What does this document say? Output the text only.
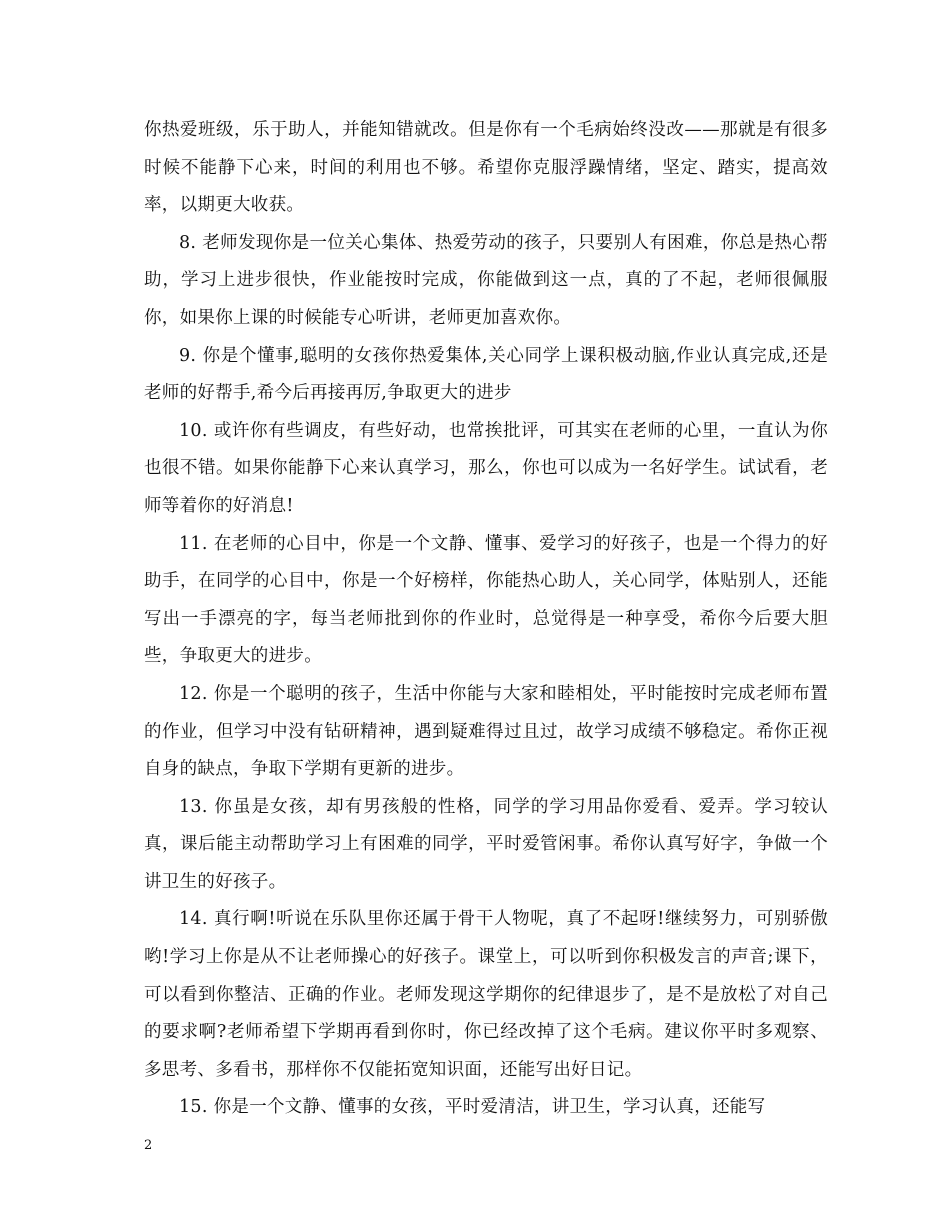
你热爱班级，乐于助人，并能知错就改。但是你有一个毛病始终没改——那就是有很多时候不能静下心来，时间的利用也不够。希望你克服浮躁情绪，坚定、踏实，提高效率，以期更大收获。

8. 老师发现你是一位关心集体、热爱劳动的孩子，只要别人有困难，你总是热心帮助，学习上进步很快，作业能按时完成，你能做到这一点，真的了不起，老师很佩服你，如果你上课的时候能专心听讲，老师更加喜欢你。

9. 你是个懂事,聪明的女孩你热爱集体,关心同学上课积极动脑,作业认真完成,还是老师的好帮手,希今后再接再厉,争取更大的进步

10. 或许你有些调皮，有些好动，也常挨批评，可其实在老师的心里，一直认为你也很不错。如果你能静下心来认真学习，那么，你也可以成为一名好学生。试试看，老师等着你的好消息!

11. 在老师的心目中，你是一个文静、懂事、爱学习的好孩子，也是一个得力的好助手，在同学的心目中，你是一个好榜样，你能热心助人，关心同学，体贴别人，还能写出一手漂亮的字，每当老师批到你的作业时，总觉得是一种享受，希你今后要大胆些，争取更大的进步。

12. 你是一个聪明的孩子，生活中你能与大家和睦相处，平时能按时完成老师布置的作业，但学习中没有钻研精神，遇到疑难得过且过，故学习成绩不够稳定。希你正视自身的缺点，争取下学期有更新的进步。

13. 你虽是女孩，却有男孩般的性格，同学的学习用品你爱看、爱弄。学习较认真，课后能主动帮助学习上有困难的同学，平时爱管闲事。希你认真写好字，争做一个讲卫生的好孩子。

14. 真行啊!听说在乐队里你还属于骨干人物呢，真了不起呀!继续努力，可别骄傲哟!学习上你是从不让老师操心的好孩子。课堂上，可以听到你积极发言的声音;课下，可以看到你整洁、正确的作业。老师发现这学期你的纪律退步了，是不是放松了对自己的要求啊?老师希望下学期再看到你时，你已经改掉了这个毛病。建议你平时多观察、多思考、多看书，那样你不仅能拓宽知识面，还能写出好日记。

15. 你是一个文静、懂事的女孩，平时爱清洁，讲卫生，学习认真，还能写

2
